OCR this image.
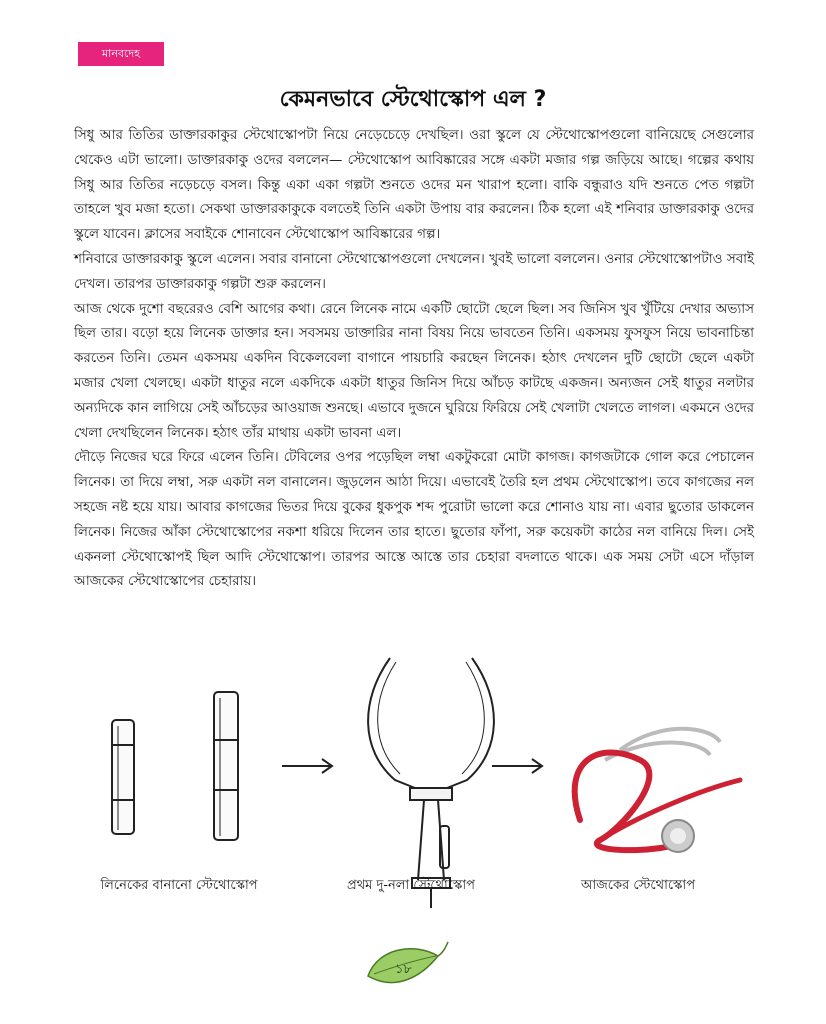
মানবদেহ
কেমনভাবে স্টেথোস্কোপ এল ?

সিধু আর তিতির ডাক্তারকাকুর স্টেথোস্কোপটা নিয়ে নেড়েচেড়ে দেখছিল। ওরা স্কুলে যে স্টেথোস্কোপগুলো বানিয়েছে সেগুলোর থেকেও এটা ভালো। ডাক্তারকাকু ওদের বললেন— স্টেথোস্কোপ আবিষ্কারের সঙ্গে একটা মজার গল্প জড়িয়ে আছে। গল্পের কথায় সিধু আর তিতির নড়েচড়ে বসল। কিন্তু একা একা গল্পটা শুনতে ওদের মন খারাপ হলো। বাকি বন্ধুরাও যদি শুনতে পেত গল্পটা তাহলে খুব মজা হতো। সেকথা ডাক্তারকাকুকে বলতেই তিনি একটা উপায় বার করলেন। ঠিক হলো এই শনিবার ডাক্তারকাকু ওদের স্কুলে যাবেন। ক্লাসের সবাইকে শোনাবেন স্টেথোস্কোপ আবিষ্কারের গল্প।

শনিবারে ডাক্তারকাকু স্কুলে এলেন। সবার বানানো স্টেথোস্কোপগুলো দেখলেন। খুবই ভালো বললেন। ওনার স্টেথোস্কোপটাও সবাই দেখল। তারপর ডাক্তারকাকু গল্পটা শুরু করলেন।

আজ থেকে দুশো বছরেরও বেশি আগের কথা। রেনে লিনেক নামে একটি ছোটো ছেলে ছিল। সব জিনিস খুব খুঁটিয়ে দেখার অভ্যাস ছিল তার। বড়ো হয়ে লিনেক ডাক্তার হন। সবসময় ডাক্তারির নানা বিষয় নিয়ে ভাবতেন তিনি। একসময় ফুসফুস নিয়ে ভাবনাচিন্তা করতেন তিনি। তেমন একসময় একদিন বিকেলবেলা বাগানে পায়চারি করছেন লিনেক। হঠাৎ দেখলেন দুটি ছোটো ছেলে একটা মজার খেলা খেলছে। একটা ধাতুর নলে একদিকে একটা ধাতুর জিনিস দিয়ে আঁচড় কাটছে একজন। অন্যজন সেই ধাতুর নলটার অন্যদিকে কান লাগিয়ে সেই আঁচড়ের আওয়াজ শুনছে। এভাবে দুজনে ঘুরিয়ে ফিরিয়ে সেই খেলাটা খেলতে লাগল। একমনে ওদের খেলা দেখছিলেন লিনেক। হঠাৎ তাঁর মাথায় একটা ভাবনা এল।

দৌড়ে নিজের ঘরে ফিরে এলেন তিনি। টেবিলের ওপর পড়েছিল লম্বা একটুকরো মোটা কাগজ। কাগজটাকে গোল করে পেচালেন লিনেক। তা দিয়ে লম্বা, সরু একটা নল বানালেন। জুড়লেন আঠা দিয়ে। এভাবেই তৈরি হল প্রথম স্টেথোস্কোপ। তবে কাগজের নল সহজে নষ্ট হয়ে যায়। আবার কাগজের ভিতর দিয়ে বুকের ধুকপুক শব্দ পুরোটা ভালো করে শোনাও যায় না। এবার ছুতোর ডাকলেন লিনেক। নিজের আঁকা স্টেথোস্কোপের নকশা ধরিয়ে দিলেন তার হাতে। ছুতোর ফাঁপা, সরু কয়েকটা কাঠের নল বানিয়ে দিল। সেই একনলা স্টেথোস্কোপই ছিল আদি স্টেথোস্কোপ। তারপর আস্তে আস্তে তার চেহারা বদলাতে থাকে। এক সময় সেটা এসে দাঁড়াল আজকের স্টেথোস্কোপের চেহারায়।

লিনেকের বানানো স্টেথোস্কোপ	প্রথম দু-নলা স্টেথোস্কোপ	আজকের স্টেথোস্কোপ
১৮
